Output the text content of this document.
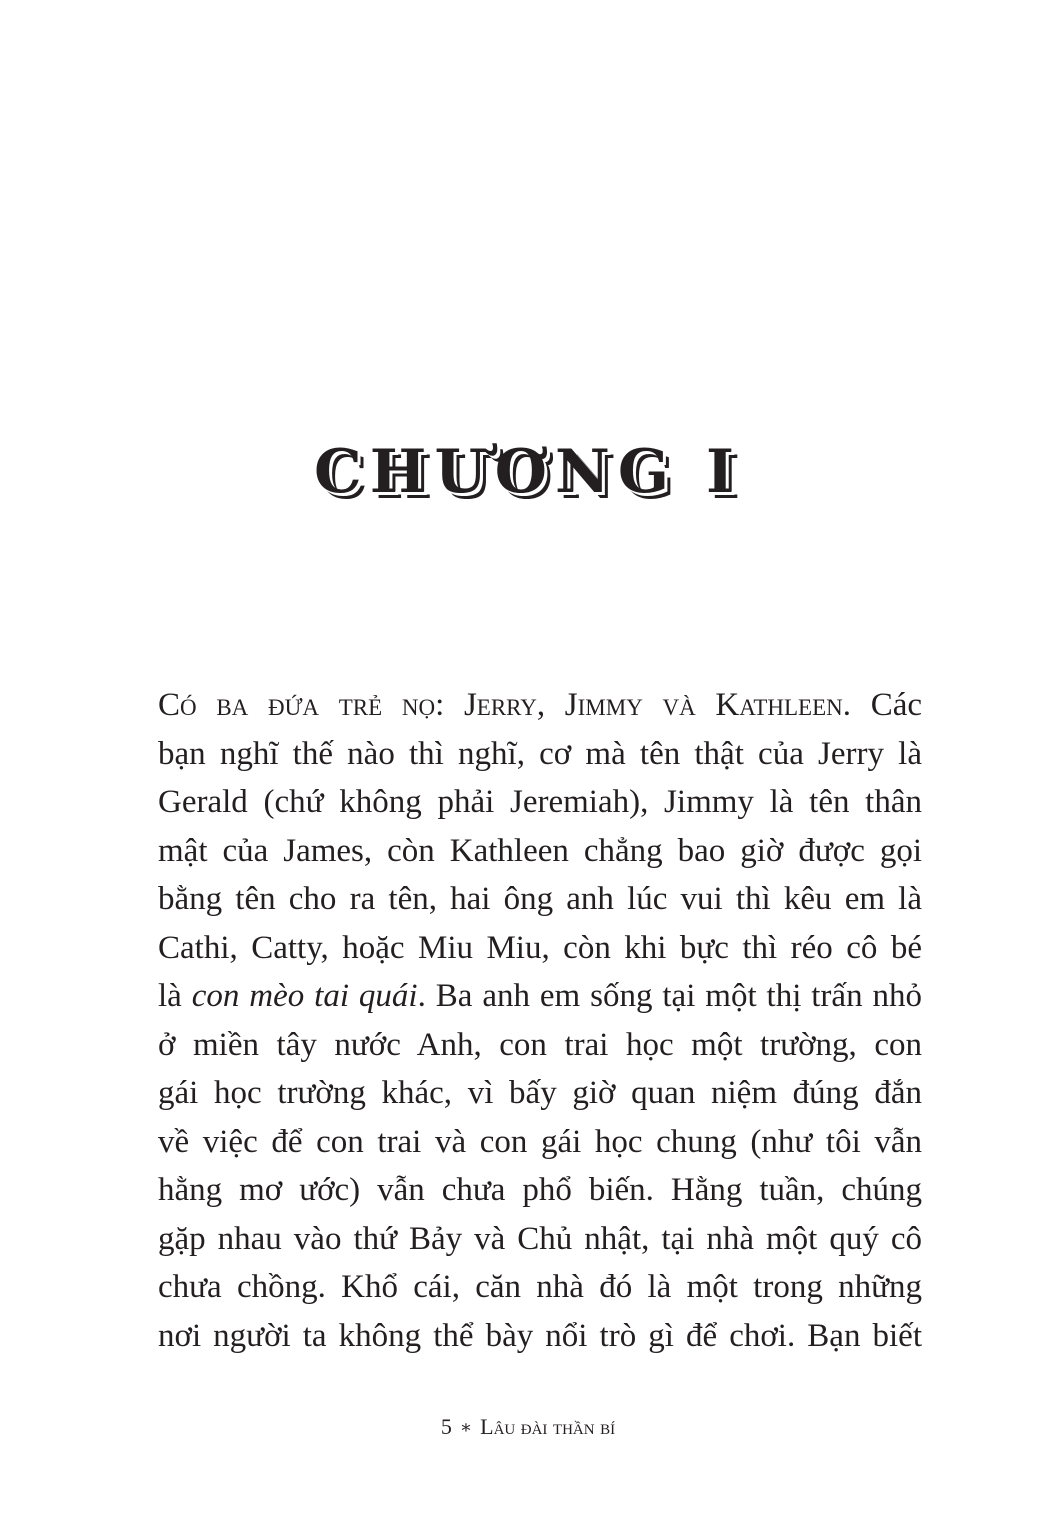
CHƯƠNG I
Có ba đứa trẻ nọ: Jerry, Jimmy và Kathleen. Các
bạn nghĩ thế nào thì nghĩ, cơ mà tên thật của Jerry là
Gerald (chứ không phải Jeremiah), Jimmy là tên thân
mật của James, còn Kathleen chẳng bao giờ được gọi
bằng tên cho ra tên, hai ông anh lúc vui thì kêu em là
Cathi, Catty, hoặc Miu Miu, còn khi bực thì réo cô bé
là con mèo tai quái. Ba anh em sống tại một thị trấn nhỏ
ở miền tây nước Anh, con trai học một trường, con
gái học trường khác, vì bấy giờ quan niệm đúng đắn
về việc để con trai và con gái học chung (như tôi vẫn
hằng mơ ước) vẫn chưa phổ biến. Hằng tuần, chúng
gặp nhau vào thứ Bảy và Chủ nhật, tại nhà một quý cô
chưa chồng. Khổ cái, căn nhà đó là một trong những
nơi người ta không thể bày nổi trò gì để chơi. Bạn biết
5 ∗ Lâu đài thần bí
